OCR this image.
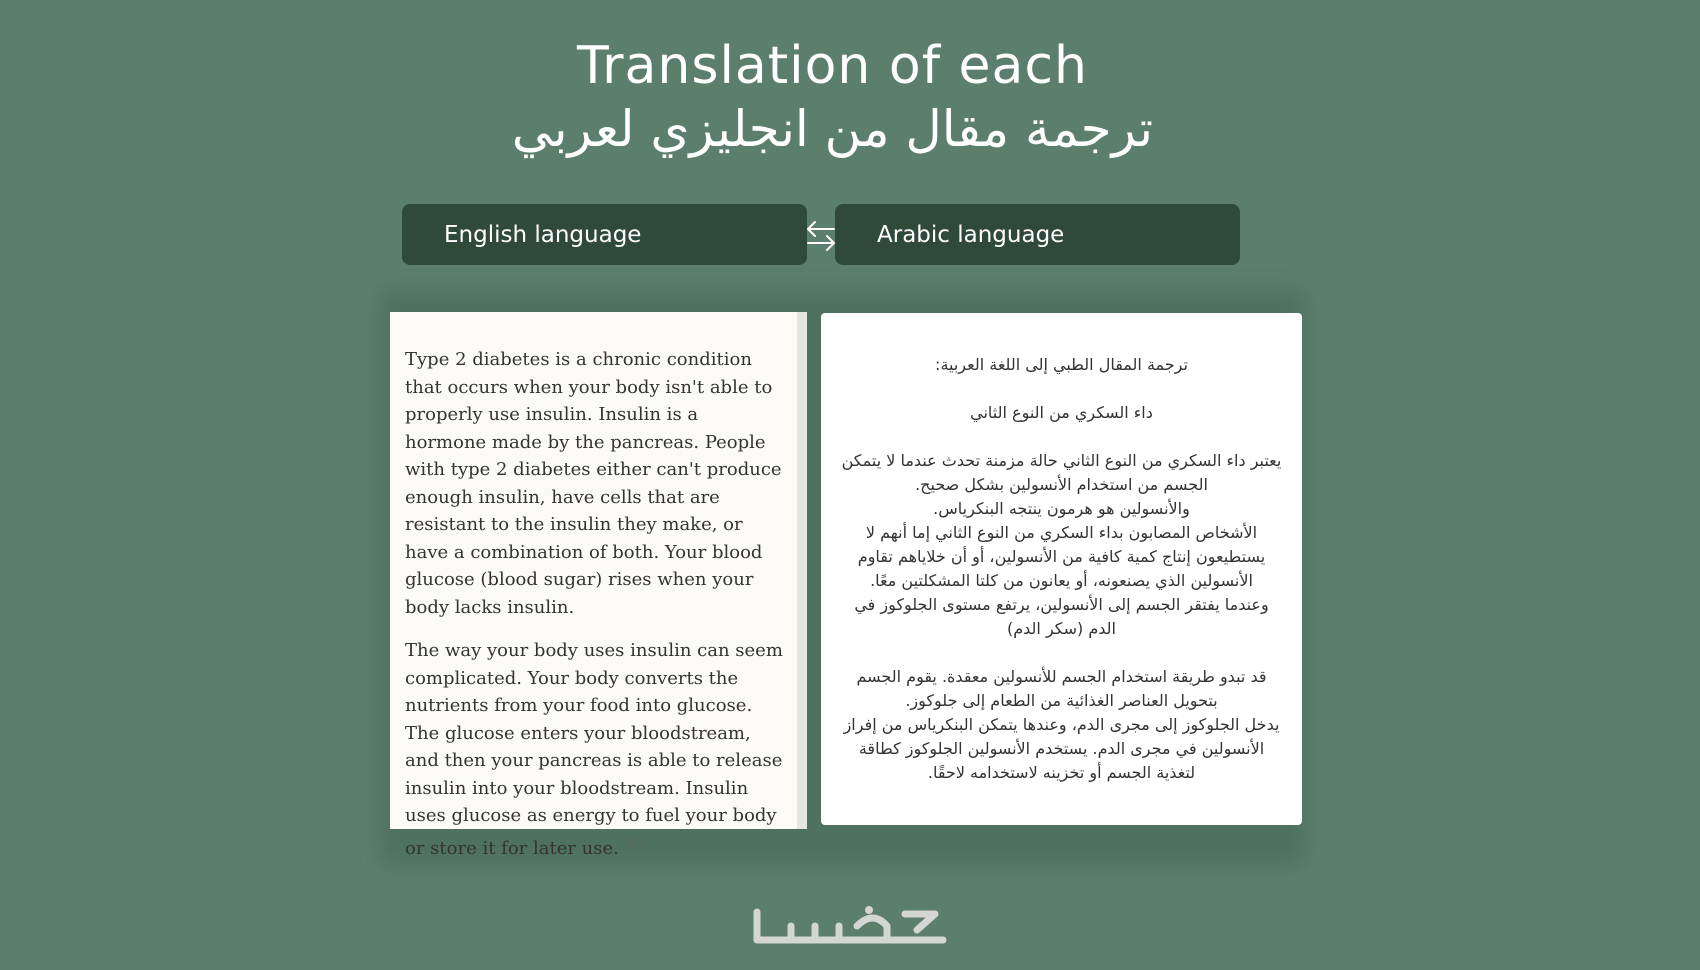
Translation of each
ترجمة مقال من انجليزي لعربي
English language	Arabic language

Type 2 diabetes is a chronic condition that occurs when your body isn't able to properly use insulin. Insulin is a hormone made by the pancreas. People with type 2 diabetes either can't produce enough insulin, have cells that are resistant to the insulin they make, or have a combination of both. Your blood glucose (blood sugar) rises when your body lacks insulin.

The way your body uses insulin can seem complicated. Your body converts the nutrients from your food into glucose. The glucose enters your bloodstream, and then your pancreas is able to release insulin into your bloodstream. Insulin uses glucose as energy to fuel your body or store it for later use. [1]

ترجمة المقال الطبي إلى اللغة العربية:

داء السكري من النوع الثاني

يعتبر داء السكري من النوع الثاني حالة مزمنة تحدث عندما لا يتمكن الجسم من استخدام الأنسولين بشكل صحيح.

والأنسولين هو هرمون ينتجه البنكرياس.

الأشخاص المصابون بداء السكري من النوع الثاني إما أنهم لا يستطيعون إنتاج كمية كافية من الأنسولين، أو أن خلاياهم تقاوم الأنسولين الذي يصنعونه، أو يعانون من كلتا المشكلتين معًا.

وعندما يفتقر الجسم إلى الأنسولين، يرتفع مستوى الجلوكوز في الدم (سكر الدم)

قد تبدو طريقة استخدام الجسم للأنسولين معقدة. يقوم الجسم بتحويل العناصر الغذائية من الطعام إلى جلوكوز.

يدخل الجلوكوز إلى مجرى الدم، وعندها يتمكن البنكرياس من إفراز الأنسولين في مجرى الدم. يستخدم الأنسولين الجلوكوز كطاقة لتغذية الجسم أو تخزينه لاستخدامه لاحقًا.
